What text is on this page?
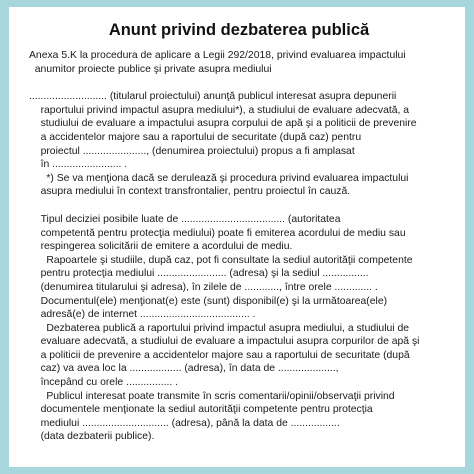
Anunt privind dezbaterea publică

Anexa 5.K la procedura de aplicare a Legii 292/2018, privind evaluarea impactului
anumitor proiecte publice şi private asupra mediului

........................... (titularul proiectului) anunţă publicul interesat asupra depunerii
raportului privind impactul asupra mediului*), a studiului de evaluare adecvată, a
studiului de evaluare a impactului asupra corpului de apă şi a politicii de prevenire
a accidentelor majore sau a raportului de securitate (după caz) pentru
proiectul ......................, (denumirea proiectului) propus a fi amplasat
în ........................ .
*) Se va menţiona dacă se derulează şi procedura privind evaluarea impactului
asupra mediului în context transfrontalier, pentru proiectul în cauză.

Tipul deciziei posibile luate de .................................... (autoritatea
competentă pentru protecţia mediului) poate fi emiterea acordului de mediu sau
respingerea solicitării de emitere a acordului de mediu.
Rapoartele şi studiile, după caz, pot fi consultate la sediul autorităţii competente
pentru protecţia mediului ........................ (adresa) şi la sediul ................
(denumirea titularului şi adresa), în zilele de ............, între orele ............. .
Documentul(ele) menţionat(e) este (sunt) disponibil(e) şi la următoarea(ele)
adresă(e) de internet ...................................... .
Dezbaterea publică a raportului privind impactul asupra mediului, a studiului de
evaluare adecvată, a studiului de evaluare a impactului asupra corpurilor de apă şi
a politicii de prevenire a accidentelor majore sau a raportului de securitate (după
caz) va avea loc la .................. (adresa), în data de ....................,
începând cu orele ................ .
Publicul interesat poate transmite în scris comentarii/opinii/observaţii privind
documentele menţionate la sediul autorităţii competente pentru protecţia
mediului .............................. (adresa), până la data de .................
(data dezbaterii publice).
